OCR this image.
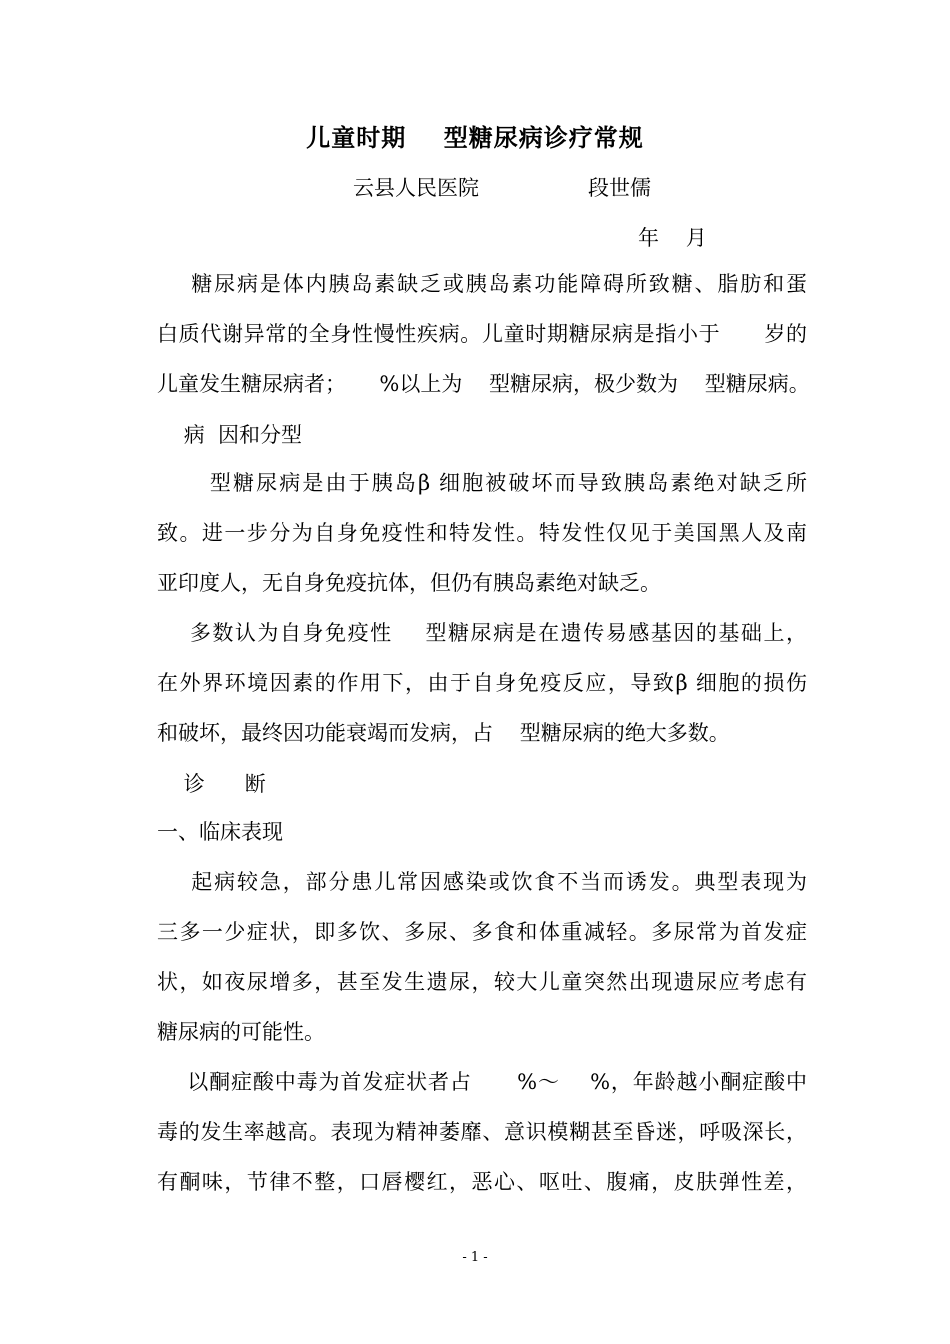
儿童时期    型糖尿病诊疗常规
云县人民医院	段世儒
年    月
糖尿病是体内胰岛素缺乏或胰岛素功能障碍所致糖、脂肪和蛋
白质代谢异常的全身性慢性疾病。儿童时期糖尿病是指小于      岁的
儿童发生糖尿病者；     %以上为    型糖尿病，极少数为    型糖尿病。
病  因和分型
型糖尿病是由于胰岛β 细胞被破坏而导致胰岛素绝对缺乏所
致。进一步分为自身免疫性和特发性。特发性仅见于美国黑人及南
亚印度人，无自身免疫抗体，但仍有胰岛素绝对缺乏。
多数认为自身免疫性    型糖尿病是在遗传易感基因的基础上，
在外界环境因素的作用下，由于自身免疫反应，导致β 细胞的损伤
和破坏，最终因功能衰竭而发病，占    型糖尿病的绝大多数。
诊      断
一、临床表现
起病较急，部分患儿常因感染或饮食不当而诱发。典型表现为
三多一少症状，即多饮、多尿、多食和体重减轻。多尿常为首发症
状，如夜尿增多，甚至发生遗尿，较大儿童突然出现遗尿应考虑有
糖尿病的可能性。
以酮症酸中毒为首发症状者占      %～    %，年龄越小酮症酸中
毒的发生率越高。表现为精神萎靡、意识模糊甚至昏迷，呼吸深长，
有酮味，节律不整，口唇樱红，恶心、呕吐、腹痛，皮肤弹性差，
- 1 -
